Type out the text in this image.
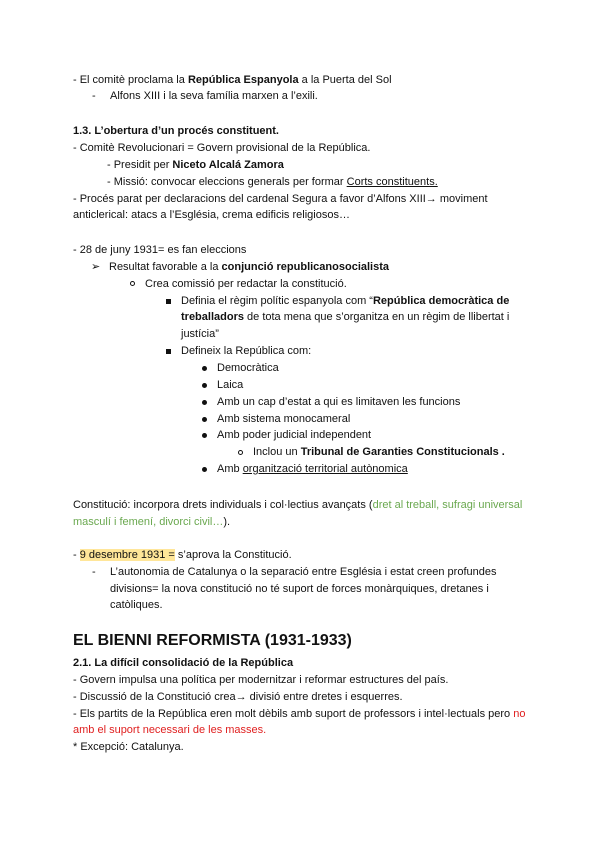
- El comitè proclama la República Espanyola a la Puerta del Sol
- Alfons XIII i la seva família marxen a l’exili.
1.3. L’obertura d’un procés constituent.
- Comitè Revolucionari = Govern provisional de la República.
- Presidit per Niceto Alcalá Zamora
- Missió: convocar eleccions generals per formar Corts constituents.
- Procés parat per declaracions del cardenal Segura a favor d’Alfons XIII→ moviment
anticlerical: atacs a l’Església, crema edificis religiosos…
- 28 de juny 1931= es fan eleccions
➢ Resultat favorable a la conjunció republicanosocialista
Crea comissió per redactar la constitució.
Definia el règim polític espanyola com “República democràtica de
treballadors de tota mena que s’organitza en un règim de llibertat i
justícia”
Defineix la República com:
Democràtica
Laica
Amb un cap d’estat a qui es limitaven les funcions
Amb sistema monocameral
Amb poder judicial independent
Inclou un Tribunal de Garanties Constitucionals .
Amb organització territorial autònomica
Constitució: incorpora drets individuals i col·lectius avançats (dret al treball, sufragi universal
masculí i femení, divorci civil…).
- 9 desembre 1931 = s’aprova la Constitució.
- L’autonomia de Catalunya o la separació entre Església i estat creen profundes
divisions= la nova constitució no té suport de forces monàrquiques, dretanes i
catòliques.
EL BIENNI REFORMISTA (1931-1933)
2.1. La difícil consolidació de la República
- Govern impulsa una política per modernitzar i reformar estructures del país.
- Discussió de la Constitució crea→ divisió entre dretes i esquerres.
- Els partits de la República eren molt dèbils amb suport de professors i intel·lectuals pero no
amb el suport necessari de les masses.
* Excepció: Catalunya.
